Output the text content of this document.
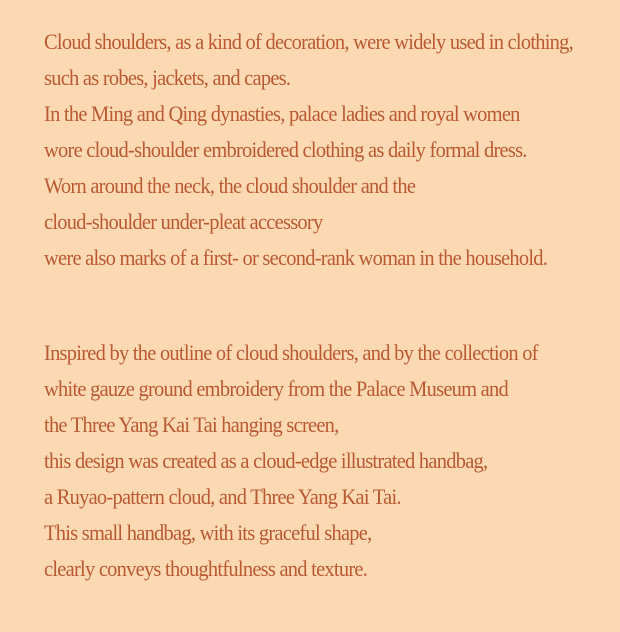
Cloud shoulders, as a kind of decoration, were widely used in clothing,
such as robes, jackets, and capes.
In the Ming and Qing dynasties, palace ladies and royal women
wore cloud-shoulder embroidered clothing as daily formal dress.
Worn around the neck, the cloud shoulder and the
cloud-shoulder under-pleat accessory
were also marks of a first- or second-rank woman in the household.
Inspired by the outline of cloud shoulders, and by the collection of
white gauze ground embroidery from the Palace Museum and
the Three Yang Kai Tai hanging screen,
this design was created as a cloud-edge illustrated handbag,
a Ruyao-pattern cloud, and Three Yang Kai Tai.
This small handbag, with its graceful shape,
clearly conveys thoughtfulness and texture.
